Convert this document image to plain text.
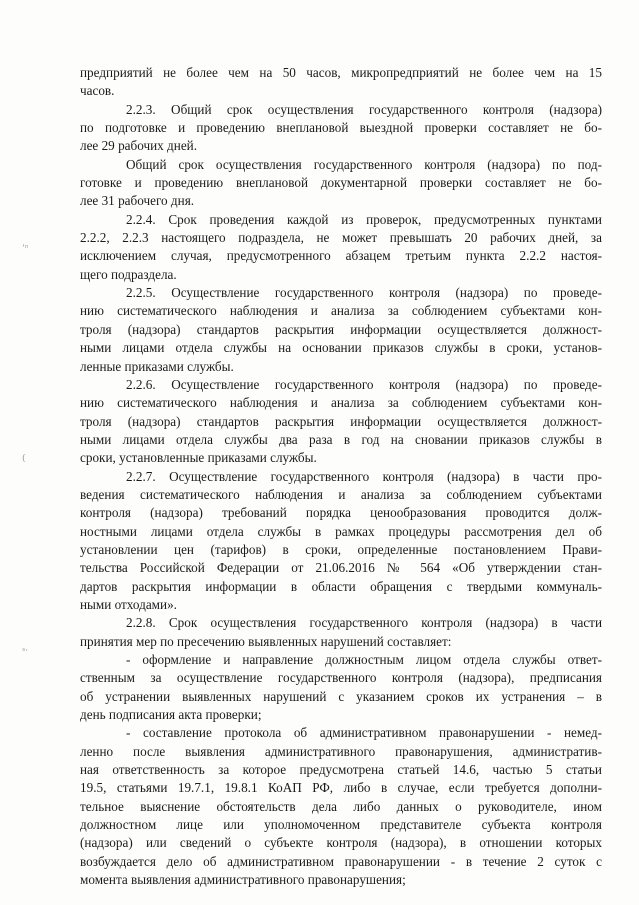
ʼⁿ
(
ˢˑ
предприятий не более чем на 50 часов, микропредприятий не более чем на 15
часов.
2.2.3. Общий срок осуществления государственного контроля (надзора)
по подготовке и проведению внеплановой выездной проверки составляет не бо-
лее 29 рабочих дней.
Общий срок осуществления государственного контроля (надзора) по под-
готовке и проведению внеплановой документарной проверки составляет не бо-
лее 31 рабочего дня.
2.2.4. Срок проведения каждой из проверок, предусмотренных пунктами
2.2.2, 2.2.3 настоящего подраздела, не может превышать 20 рабочих дней, за
исключением случая, предусмотренного абзацем третьим пункта 2.2.2 настоя-
щего подраздела.
2.2.5. Осуществление государственного контроля (надзора) по проведе-
нию систематического наблюдения и анализа за соблюдением субъектами кон-
троля (надзора) стандартов раскрытия информации осуществляется должност-
ными лицами отдела службы на основании приказов службы в сроки, установ-
ленные приказами службы.
2.2.6. Осуществление государственного контроля (надзора) по проведе-
нию систематического наблюдения и анализа за соблюдением субъектами кон-
троля (надзора) стандартов раскрытия информации осуществляется должност-
ными лицами отдела службы два раза в год на сновании приказов службы в
сроки, установленные приказами службы.
2.2.7. Осуществление государственного контроля (надзора) в части про-
ведения систематического наблюдения и анализа за соблюдением субъектами
контроля (надзора) требований порядка ценообразования проводится долж-
ностными лицами отдела службы в рамках процедуры рассмотрения дел об
установлении цен (тарифов) в сроки, определенные постановлением Прави-
тельства Российской Федерации от 21.06.2016 № 564 «Об утверждении стан-
дартов раскрытия информации в области обращения с твердыми коммуналь-
ными отходами».
2.2.8. Срок осуществления государственного контроля (надзора) в части
принятия мер по пресечению выявленных нарушений составляет:
- оформление и направление должностным лицом отдела службы ответ-
ственным за осуществление государственного контроля (надзора), предписания
об устранении выявленных нарушений с указанием сроков их устранения – в
день подписания акта проверки;
- составление протокола об административном правонарушении - немед-
ленно после выявления административного правонарушения, административ-
ная ответственность за которое предусмотрена статьей 14.6, частью 5 статьи
19.5, статьями 19.7.1, 19.8.1 КоАП РФ, либо в случае, если требуется дополни-
тельное выяснение обстоятельств дела либо данных о руководителе, ином
должностном лице или уполномоченном представителе субъекта контроля
(надзора) или сведений о субъекте контроля (надзора), в отношении которых
возбуждается дело об административном правонарушении - в течение 2 суток с
момента выявления административного правонарушения;
